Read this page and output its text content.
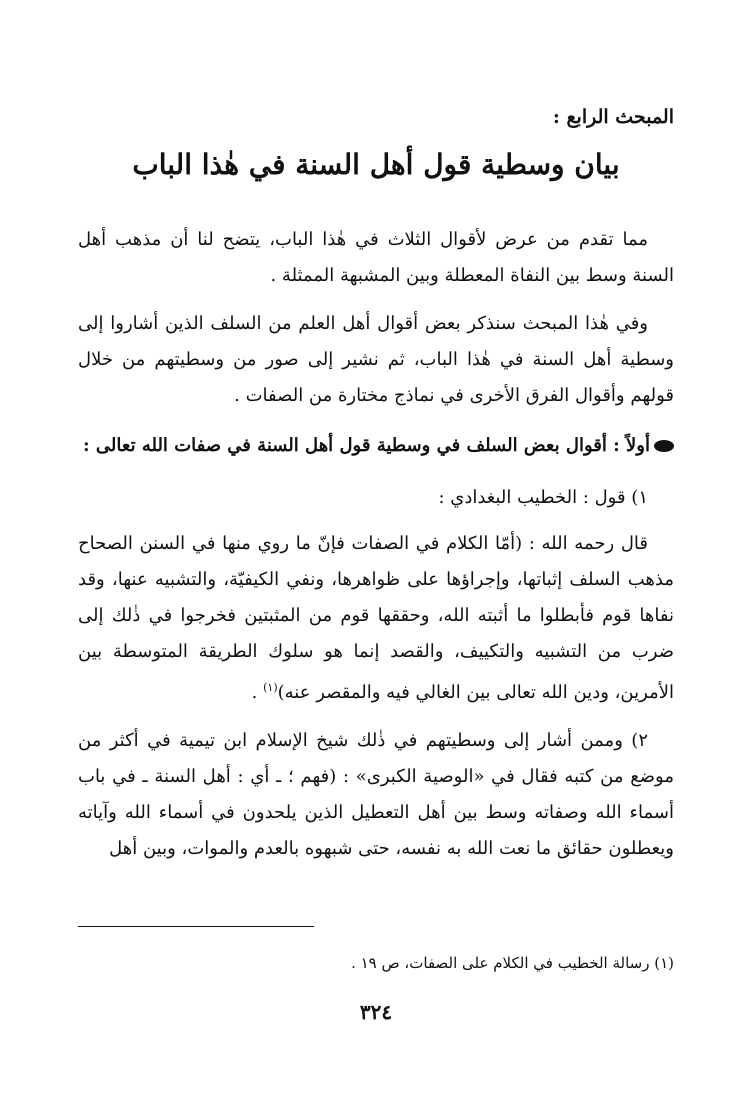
المبحث الرابع :
بيان وسطية قول أهل السنة في هٰذا الباب

مما تقدم من عرض لأقوال الثلاث في هٰذا الباب، يتضح لنا أن مذهب أهل السنة وسط بين النفاة المعطلة وبين المشبهة الممثلة .

وفي هٰذا المبحث سنذكر بعض أقوال أهل العلم من السلف الذين أشاروا إلى وسطية أهل السنة في هٰذا الباب، ثم نشير إلى صور من وسطيتهم من خلال قولهم وأقوال الفرق الأخرى في نماذج مختارة من الصفات .

أولاً : أقوال بعض السلف في وسطية قول أهل السنة في صفات الله تعالى :

١) قول : الخطيب البغدادي :

قال رحمه الله : (أمّا الكلام في الصفات فإنّ ما روي منها في السنن الصحاح مذهب السلف إثباتها، وإجراؤها على ظواهرها، ونفي الكيفيّة، والتشبيه عنها، وقد نفاها قوم فأبطلوا ما أثبته الله، وحققها قوم من المثبتين فخرجوا في ذٰلك إلى ضرب من التشبيه والتكييف، والقصد إنما هو سلوك الطريقة المتوسطة بين الأمرين، ودين الله تعالى بين الغالي فيه والمقصر عنه)$^{(١)}$ .

٢) وممن أشار إلى وسطيتهم في ذٰلك شيخ الإسلام ابن تيمية في أكثر من موضع من كتبه فقال في «الوصية الكبرى» : (فهم ؛ ـ أي : أهل السنة ـ في باب أسماء الله وصفاته وسط بين أهل التعطيل الذين يلحدون في أسماء الله وآياته ويعطلون حقائق ما نعت الله به نفسه، حتى شبهوه بالعدم والموات، وبين أهل

(١) رسالة الخطيب في الكلام على الصفات، ص ١٩ .
٣٢٤
